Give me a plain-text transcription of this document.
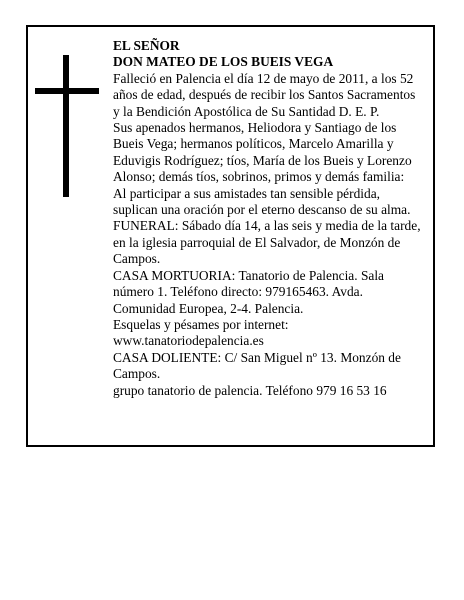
EL SEÑOR

DON MATEO DE LOS BUEIS VEGA

Falleció en Palencia el día 12 de mayo de 2011, a los 52 años de edad, después de recibir los Santos Sacramentos y la Bendición Apostólica de Su Santidad D. E. P.

Sus apenados hermanos, Heliodora y Santiago de los Bueis Vega; hermanos políticos, Marcelo Amarilla y Eduvigis Rodríguez; tíos, María de los Bueis y Lorenzo Alonso; demás tíos, sobrinos, primos y demás familia:

Al participar a sus amistades tan sensible pérdida, suplican una oración por el eterno descanso de su alma.

FUNERAL: Sábado día 14, a las seis y media de la tarde, en la iglesia parroquial de El Salvador, de Monzón de Campos.

CASA MORTUORIA: Tanatorio de Palencia. Sala número 1. Teléfono directo: 979165463. Avda. Comunidad Europea, 2-4. Palencia.

Esquelas y pésames por internet: www.tanatoriodepalencia.es

CASA DOLIENTE: C/ San Miguel nº 13. Monzón de Campos.

grupo tanatorio de palencia. Teléfono 979 16 53 16
